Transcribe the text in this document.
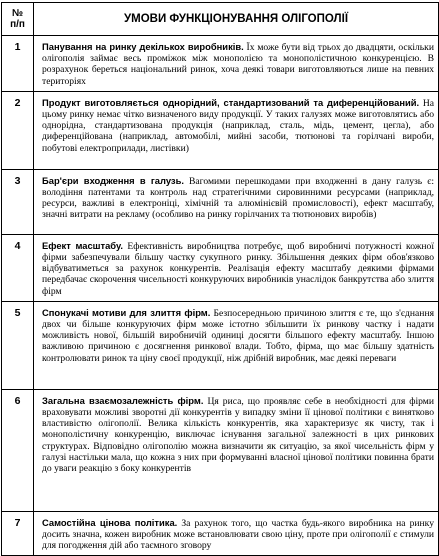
№
п/п	УМОВИ ФУНКЦІОНУВАННЯ ОЛІГОПОЛІЇ
1	Панування на ринку декількох виробників. Їх може бути від трьох до двадцяти, оскільки олігополія займає весь проміжок між монополією та монополістичною конкуренцією. В розрахунок береться національний ринок, хоча деякі товари виготовляються лише на певних територіях
2	Продукт виготовляється однорідний, стандартизований та диференційований. На цьому ринку немає чітко визначеного виду продукції. У таких галузях може виготовлятись або однорідна, стандартизована продукція (наприклад, сталь, мідь, цемент, цегла), або диференційована (наприклад, автомобілі, мийні засоби, тютюнові та горілчані вироби, побутові електроприлади, листівки)
3	Бар'єри входження в галузь. Вагомими перешкодами при входженні в дану галузь є: володіння патентами та контроль над стратегічними сировинними ресурсами (наприклад, ресурси, важливі в електроніці, хімічній та алюмінієвій промисловості), ефект масштабу, значні витрати на рекламу (особливо на ринку горілчаних та тютюнових виробів)
4	Ефект масштабу. Ефективність виробництва потребує, щоб виробничі потужності кожної фірми забезпечували більшу частку сукупного ринку. Збільшення деяких фірм обов'язково відбуватиметься за рахунок конкурентів. Реалізація ефекту масштабу деякими фірмами передбачає скорочення чисельності конкуруючих виробників унаслідок банкрутства або злиття фірм
5	Спонукачі мотиви для злиття фірм. Безпосередньою причиною злиття є те, що з'єднання двох чи більше конкуруючих фірм може істотно збільшити їх ринкову частку і надати можливість нової, більшій виробничій одиниці досягти більшого ефекту масштабу. Іншою важливою причиною є досягнення ринкової влади. Тобто, фірма, що має більшу здатність контролювати ринок та ціну своєї продукції, ніж дрібній виробник, має деякі переваги
6	Загальна взаємозалежність фірм. Ця риса, що проявляє себе в необхідності для фірми враховувати можливі зворотні дії конкурентів у випадку зміни її цінової політики є винятково властивістю олігополії. Велика кількість конкурентів, яка характеризує як чисту, так і монополістичну конкуренцію, виключає існування загальної залежності в цих ринкових структурах. Відповідно олігополію можна визначити як ситуацію, за якої чисельність фірм у галузі настільки мала, що кожна з них при формуванні власної цінової політики повинна брати до уваги реакцію з боку конкурентів
7	Самостійна цінова політика. За рахунок того, що частка будь-якого виробника на ринку досить значна, кожен виробник може встановлювати свою ціну, проте при олігополії є стимули для погодження дій або таємного зговору
